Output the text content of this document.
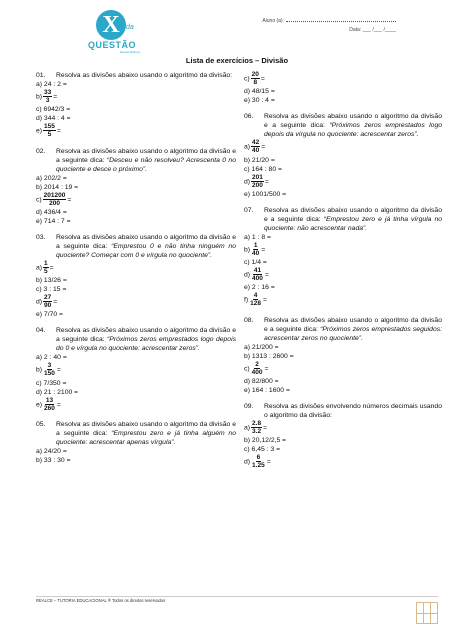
X da
QUESTÃO
Escola Reforço
Aluno (a):
Data: ___ /___ /____
Lista de exercícios – Divisão
01.	Resolva as divisões abaixo usando o algoritmo da divisão:
a) 24 : 2 =
$b) \frac{33}{3}$ =
c) 6942/3 =
d) 344 : 4 =
$e) \frac{155}{5}$ =
02.	Resolva as divisões abaixo usando o algoritmo da divisão e a seguinte dica: “Desceu e não resolveu? Acrescenta 0 no quociente e desce o próximo”.
a) 202/2 =
b) 2014 : 19 =
$c) \frac{201200}{200}$ =
d) 436/4 =
e) 714 : 7 =
03.	Resolva as divisões abaixo usando o algoritmo da divisão e a seguinte dica: “Emprestou 0 e não tinha ninguém no quociente? Começar com 0 e vírgula no quociente”.
$a) \frac{1}{5}$ =
b) 13/26 =
c) 3 : 15 =
$d) \frac{27}{90}$ =
e) 7/70 =
04.	Resolva as divisões abaixo usando o algoritmo da divisão e a seguinte dica: “Próximos zeros emprestados logo depois do 0 e vírgula no quociente: acrescentar zeros”.
a) 2 : 40 =
$b) \frac{3}{150}$ =
c) 7/350 =
d) 21 : 2100 =
$e) \frac{13}{260}$ =
05.	Resolva as divisões abaixo usando o algoritmo da divisão e a seguinte dica: “Emprestou zero e já tinha alguém no quociente: acrescentar apenas vírgula”.
a) 24/20 =
b) 33 : 30 =
$c) \frac{20}{8}$ =
d) 48/15 =
e) 30 : 4 =
06.	Resolva as divisões abaixo usando o algoritmo da divisão e a seguinte dica: “Próximos zeros emprestados logo depois da vírgula no quociente: acrescentar zeros”.
$a) \frac{42}{40}$ =
b) 21/20 =
c) 164 : 80 =
$d) \frac{201}{200}$ =
e) 1001/500 =
07.	Resolva as divisões abaixo usando o algoritmo da divisão e a seguinte dica: “Emprestou zero e já tinha vírgula no quociente: não acrescentar nada”.
a) 1 : 8 =
$b) \frac{1}{40}$ =
c) 1/4 =
$d) \frac{41}{400}$ =
e) 2 : 16 =
$f) \frac{4}{128}$ =
08.	Resolva as divisões abaixo usando o algoritmo da divisão e a seguinte dica: “Próximos zeros emprestados seguidos: acrescentar zeros no quociente”.
a) 21/200 =
b) 1313 : 2600 =
$c) \frac{2}{400}$ =
d) 82/800 =
e) 164 : 1600 =
09.	Resolva as divisões envolvendo números decimais usando o algoritmo da divisão:
$a) \frac{2.8}{3.2}$ =
b) 20,12/2,5 =
c) 6,45 : 3 =
$d) \frac{6}{1.25}$ =
REALCE – TUTORIA EDUCACIONAL ® Todos os direitos reservados
